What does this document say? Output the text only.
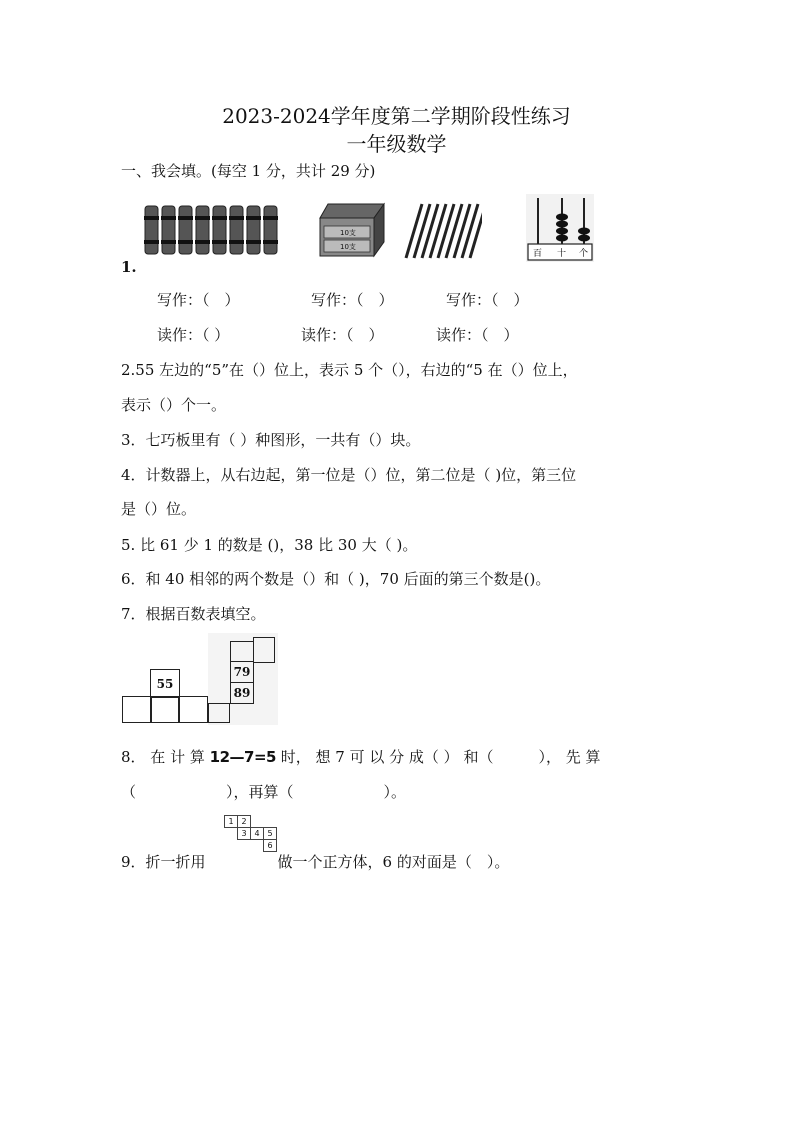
2023-2024学年度第二学期阶段性练习
一年级数学
一、我会填。(每空 1 分，共计 29 分)
1.
10支
10支
百 十 个
写作：（　）	写作：（　）	写作：（　）
读作：（ ）	读作：（　）	读作：（　）
2.55 左边的“5”在（）位上，表示 5 个（），右边的“5 在（）位上，
表示（）个一。
3．七巧板里有（ ）种图形，一共有（）块。
4．计数器上，从右边起，第一位是（）位，第二位是（ )位，第三位
是（）位。
5. 比 61 少 1 的数是 ()，38 比 30 大（ )。
6．和 40 相邻的两个数是（）和（ )，70 后面的第三个数是()。
7．根据百数表填空。
55
79
89
8． 在 计 算 12—7=5 时， 想 7 可 以 分 成（ ） 和（　　　）， 先 算
（　　　　　　），再算（　　　　　　）。
1 2
3 4 5
6
9．折一折用	做一个正方体，6 的对面是（　）。
